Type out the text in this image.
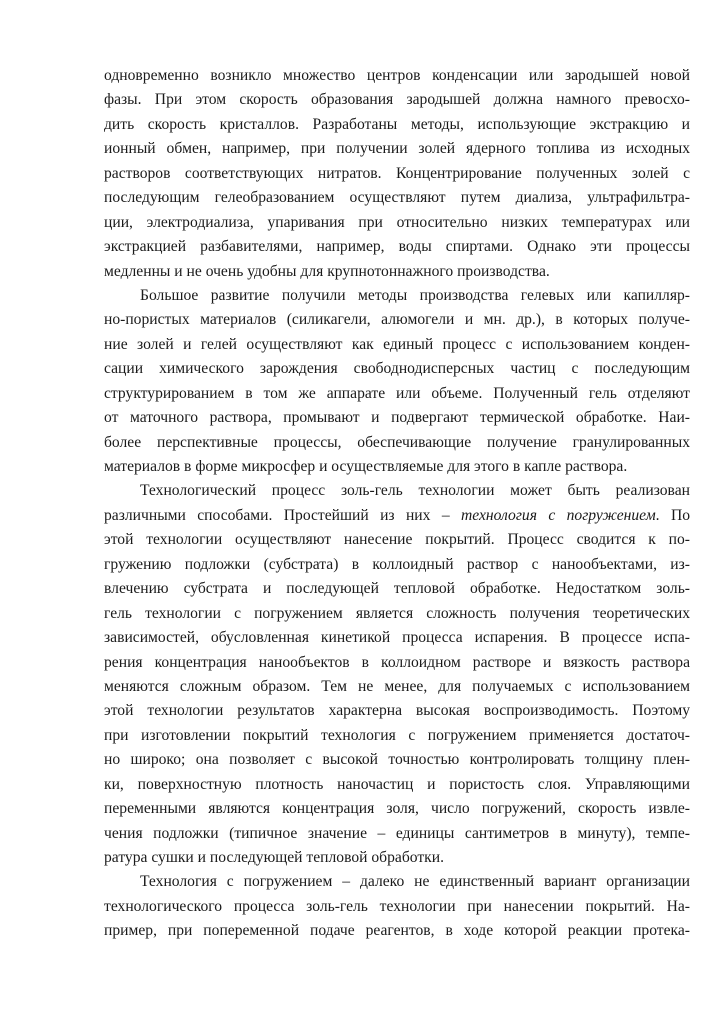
одновременно возникло множество центров конденсации или зародышей новой
фазы. При этом скорость образования зародышей должна намного превосхо-
дить скорость кристаллов. Разработаны методы, использующие экстракцию и
ионный обмен, например, при получении золей ядерного топлива из исходных
растворов соответствующих нитратов. Концентрирование полученных золей с
последующим гелеобразованием осуществляют путем диализа, ультрафильтра-
ции, электродиализа, упаривания при относительно низких температурах или
экстракцией разбавителями, например, воды спиртами. Однако эти процессы
медленны и не очень удобны для крупнотоннажного производства.
Большое развитие получили методы производства гелевых или капилляр-
но-пористых материалов (силикагели, алюмогели и мн. др.), в которых получе-
ние золей и гелей осуществляют как единый процесс с использованием конден-
сации химического зарождения свободнодисперсных частиц с последующим
структурированием в том же аппарате или объеме. Полученный гель отделяют
от маточного раствора, промывают и подвергают термической обработке. Наи-
более перспективные процессы, обеспечивающие получение гранулированных
материалов в форме микросфер и осуществляемые для этого в капле раствора.
Технологический процесс золь-гель технологии может быть реализован
различными способами. Простейший из них – технология с погружением. По
этой технологии осуществляют нанесение покрытий. Процесс сводится к по-
гружению подложки (субстрата) в коллоидный раствор с нанообъектами, из-
влечению субстрата и последующей тепловой обработке. Недостатком золь-
гель технологии с погружением является сложность получения теоретических
зависимостей, обусловленная кинетикой процесса испарения. В процессе испа-
рения концентрация нанообъектов в коллоидном растворе и вязкость раствора
меняются сложным образом. Тем не менее, для получаемых с использованием
этой технологии результатов характерна высокая воспроизводимость. Поэтому
при изготовлении покрытий технология с погружением применяется достаточ-
но широко; она позволяет с высокой точностью контролировать толщину плен-
ки, поверхностную плотность наночастиц и пористость слоя. Управляющими
переменными являются концентрация золя, число погружений, скорость извле-
чения подложки (типичное значение – единицы сантиметров в минуту), темпе-
ратура сушки и последующей тепловой обработки.
Технология с погружением – далеко не единственный вариант организации
технологического процесса золь-гель технологии при нанесении покрытий. На-
пример, при попеременной подаче реагентов, в ходе которой реакции протека-
